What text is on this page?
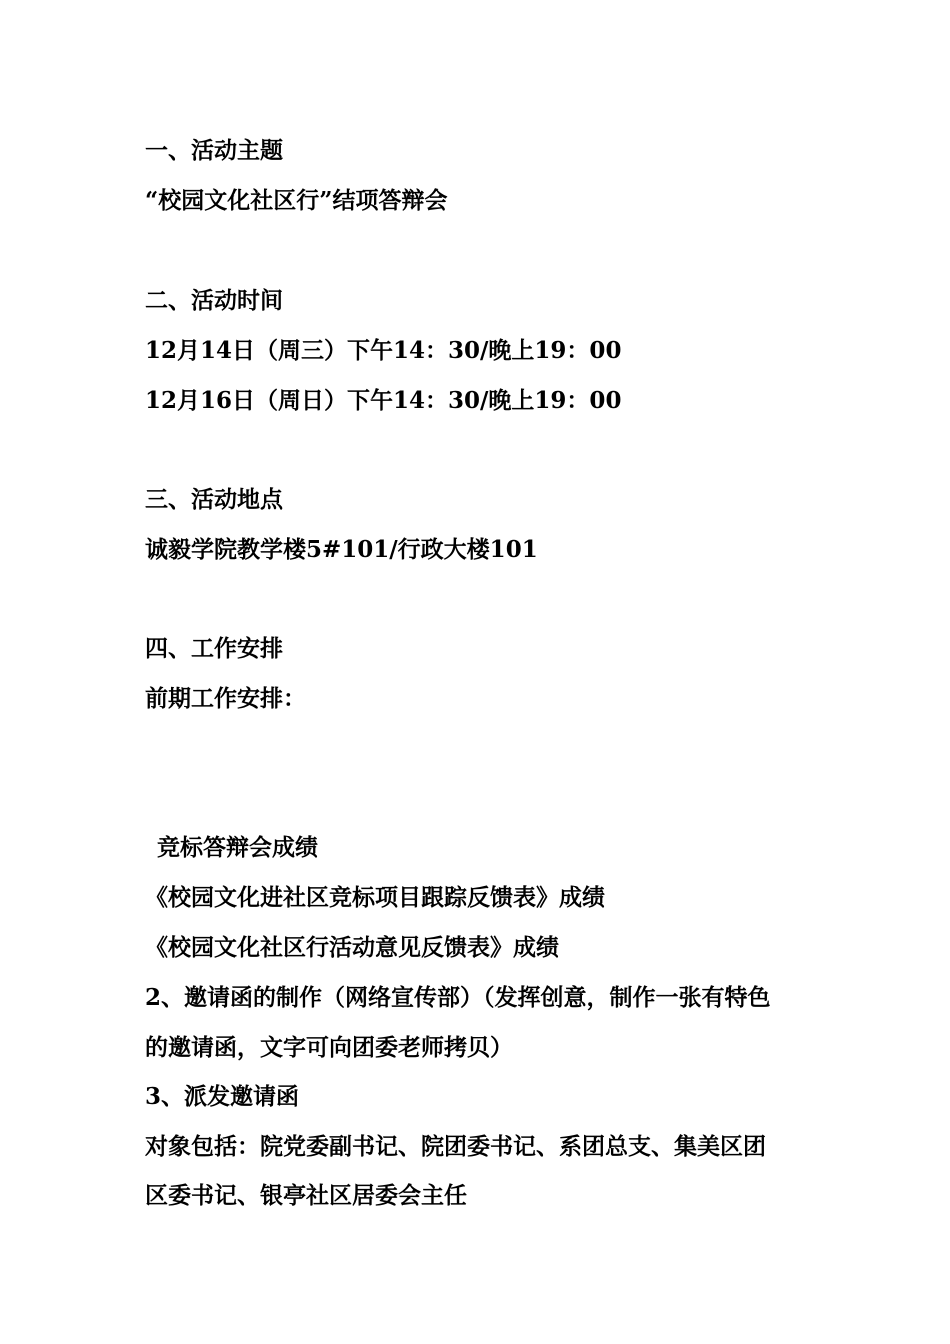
一、活动主题

“校园文化社区行”结项答辩会

二、活动时间

12月14日（周三）下午14：30/晚上19：00

12月16日（周日）下午14：30/晚上19：00

三、活动地点

诚毅学院教学楼5#101/行政大楼101

四、工作安排

前期工作安排：

竞标答辩会成绩

《校园文化进社区竞标项目跟踪反馈表》成绩

《校园文化社区行活动意见反馈表》成绩

2、邀请函的制作（网络宣传部）（发挥创意，制作一张有特色

的邀请函，文字可向团委老师拷贝）

3、派发邀请函

对象包括：院党委副书记、院团委书记、系团总支、集美区团

区委书记、银亭社区居委会主任
